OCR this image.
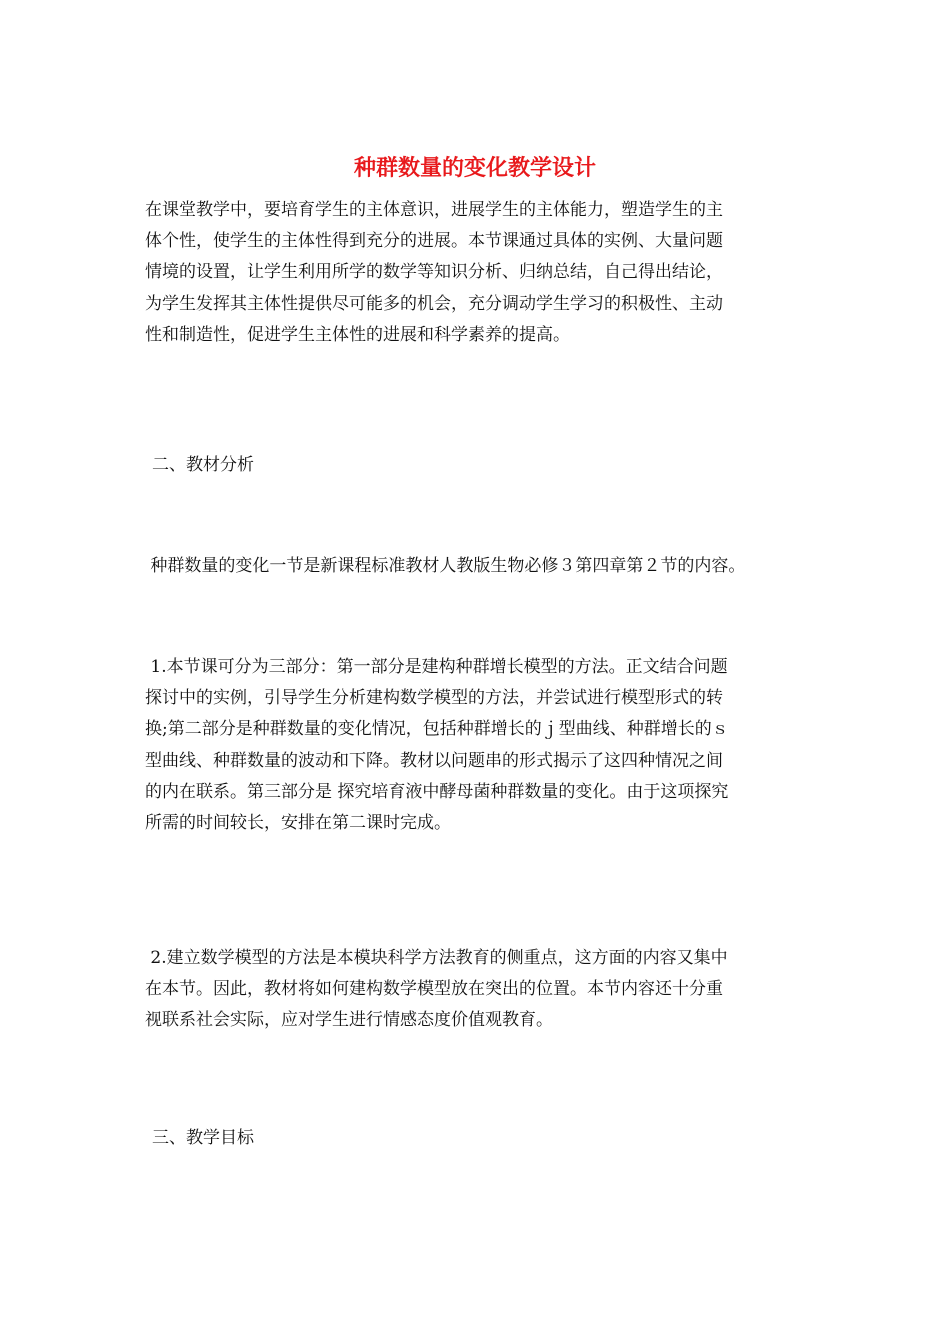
种群数量的变化教学设计

在课堂教学中，要培育学生的主体意识，进展学生的主体能力，塑造学生的主
体个性，使学生的主体性得到充分的进展。本节课通过具体的实例、大量问题
情境的设置，让学生利用所学的数学等知识分析、归纳总结，自己得出结论，
为学生发挥其主体性提供尽可能多的机会，充分调动学生学习的积极性、主动
性和制造性，促进学生主体性的进展和科学素养的提高。

二、教材分析

种群数量的变化一节是新课程标准教材人教版生物必修３第四章第２节的内容。

1.本节课可分为三部分：第一部分是建构种群增长模型的方法。正文结合问题
探讨中的实例，引导学生分析建构数学模型的方法，并尝试进行模型形式的转
换;第二部分是种群数量的变化情况，包括种群增长的ｊ型曲线、种群增长的ｓ
型曲线、种群数量的波动和下降。教材以问题串的形式揭示了这四种情况之间
的内在联系。第三部分是 探究培育液中酵母菌种群数量的变化。由于这项探究
所需的时间较长，安排在第二课时完成。

2.建立数学模型的方法是本模块科学方法教育的侧重点，这方面的内容又集中
在本节。因此，教材将如何建构数学模型放在突出的位置。本节内容还十分重
视联系社会实际，应对学生进行情感态度价值观教育。

三、教学目标
